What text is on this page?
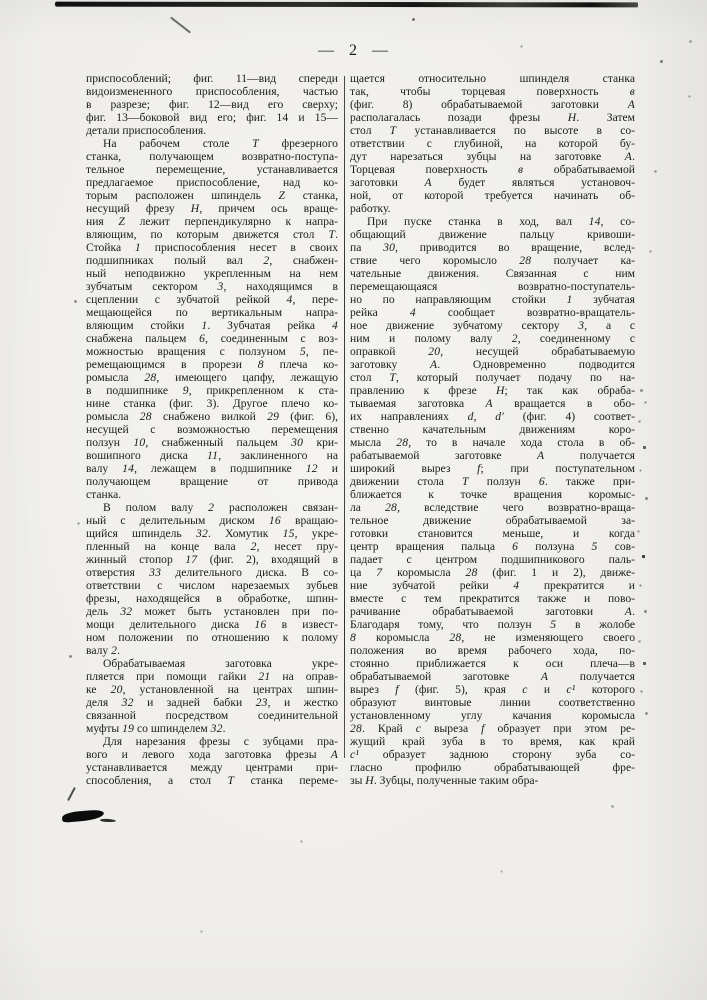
— 2 —
приспособлений; фиг. 11—вид спереди
видоизмененного приспособления, частью
в разрезе; фиг. 12—вид его сверху;
фиг. 13—боковой вид его; фиг. 14 и 15—
детали приспособления.
На рабочем столе Т фрезерного
станка, получающем возвратно-поступа-
тельное перемещение, устанавливается
предлагаемое приспособление, над ко-
торым расположен шпиндель Z станка,
несущий фрезу Н, причем ось враще-
ния Z лежит перпендикулярно к напра-
вляющим, по которым движется стол Т.
Стойка 1 приспособления несет в своих
подшипниках полый вал 2, снабжен-
ный неподвижно укрепленным на нем
зубчатым сектором 3, находящимся в
сцеплении с зубчатой рейкой 4, пере-
мещающейся по вертикальным напра-
вляющим стойки 1. Зубчатая рейка 4
снабжена пальцем 6, соединенным с воз-
можностью вращения с ползуном 5, пе-
ремещающимся в прорези 8 плеча ко-
ромысла 28, имеющего цапфу, лежащую
в подшипнике 9, прикрепленном к ста-
нине станка (фиг. 3). Другое плечо ко-
ромысла 28 снабжено вилкой 29 (фиг. 6),
несущей с возможностью перемещения
ползун 10, снабженный пальцем 30 кри-
вошипного диска 11, заклиненного на
валу 14, лежащем в подшипнике 12 и
получающем вращение от привода
станка.
В полом валу 2 расположен связан-
ный с делительным диском 16 вращаю-
щийся шпиндель 32. Хомутик 15, укре-
пленный на конце вала 2, несет пру-
жинный стопор 17 (фиг. 2), входящий в
отверстия 33 делительного диска. В со-
ответствии с числом нарезаемых зубьев
фрезы, находящейся в обработке, шпин-
дель 32 может быть установлен при по-
мощи делительного диска 16 в извест-
ном положении по отношению к полому
валу 2.
Обрабатываемая заготовка укре-
пляется при помощи гайки 21 на оправ-
ке 20, установленной на центрах шпин-
деля 32 и задней бабки 23, и жестко
связанной посредством соединительной
муфты 19 со шпинделем 32.
Для нарезания фрезы с зубцами пра-
вого и левого хода заготовка фрезы А
устанавливается между центрами при-
способления, а стол Т станка переме-
щается относительно шпинделя станка
так, чтобы торцевая поверхность в
(фиг. 8) обрабатываемой заготовки А
располагалась позади фрезы Н. Затем
стол Т устанавливается по высоте в со-
ответствии с глубиной, на которой бу-
дут нарезаться зубцы на заготовке А.
Торцевая поверхность в обрабатываемой
заготовки А будет являться установоч-
ной, от которой требуется начинать об-
работку.
При пуске станка в ход, вал 14, со-
общающий движение пальцу кривоши-
па 30, приводится во вращение, вслед-
ствие чего коромысло 28 получает ка-
чательные движения. Связанная с ним
перемещающаяся возвратно-поступатель-
но по направляющим стойки 1 зубчатая
рейка 4 сообщает возвратно-вращатель-
ное движение зубчатому сектору 3, а с
ним и полому валу 2, соединенному с
оправкой 20, несущей обрабатываемую
заготовку А. Одновременно подводится
стол Т, который получает подачу по на-
правлению к фрезе Н; так как обраба-
тываемая заготовка А вращается в обо-
их направлениях d, d′ (фиг. 4) соответ-
ственно качательным движениям коро-
мысла 28, то в начале хода стола в об-
рабатываемой заготовке А получается
широкий вырез f; при поступательном
движении стола Т ползун 6. также при-
ближается к точке вращения коромыс-
ла 28, вследствие чего возвратно-враща-
тельное движение обрабатываемой за-
готовки становится меньше, и когда
центр вращения пальца 6 ползуна 5 сов-
падает с центром подшипникового паль-
ца 7 коромысла 28 (фиг. 1 и 2), движе-
ние зубчатой рейки 4 прекратится и
вместе с тем прекратится также и пово-
рачивание обрабатываемой заготовки А.
Благодаря тому, что ползун 5 в жолобе
8 коромысла 28, не изменяющего своего
положения во время рабочего хода, по-
стоянно приближается к оси плеча—в
обрабатываемой заготовке А получается
вырез f (фиг. 5), края c и c¹ которого
образуют винтовые линии соответственно
установленному углу качания коромысла
28. Край c выреза f образует при этом ре-
жущий край зуба в то время, как край
c¹ образует заднюю сторону зуба со-
гласно профилю обрабатывающей фре-
зы Н. Зубцы, полученные таким обра-
